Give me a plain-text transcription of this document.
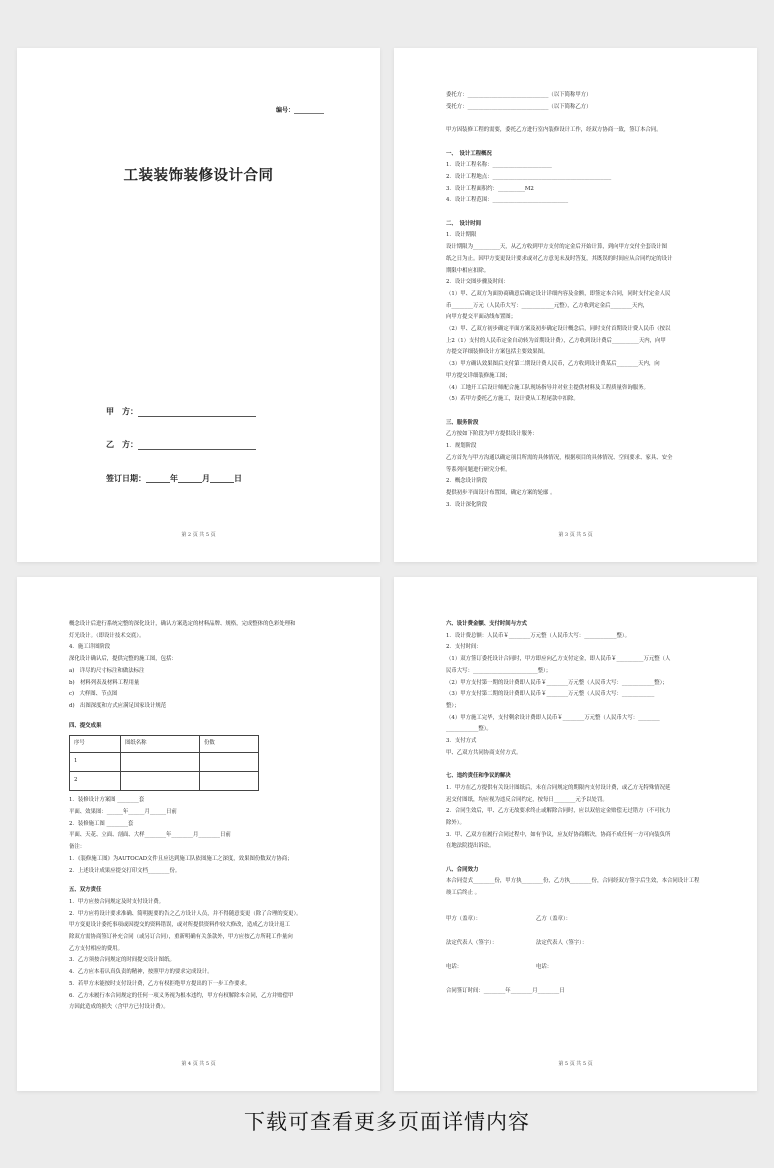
编号：__________
工装装饰装修设计合同
甲　方：
乙　方：
签订日期：______年______月______日
第 2 页 共 5 页
委托方：______________________________（以下简称甲方）
受托方：______________________________（以下简称乙方）

甲方因装修工程的需要，委托乙方进行室内装修设计工作，经双方协商一致，签订本合同。

一、　设计工程概况
1．设计工程名称：______________________
2．设计工程地点：____________________________________________
3．设计工程面积约：__________M2
4．设计工程范围：____________________________

二、　设计时间
1．设计期限
设计期限为__________天，从乙方收到甲方支付的定金后开始计算，到向甲方交付全套设计图
纸之日为止。因甲方变更设计要求或对乙方意见未及时答复，其既误的时间应从合同约定的设计
期限中相应扣除。
2．设计交图步骤及时间：
（1）甲、乙双方为面协商确意后确定设计详细内容及金额，即签定本合同，同时支付定金人民
币________万元（人民币大写：____________元整），乙方收到定金后________天内，
向甲方提交平面动线布置图；
（2）甲、乙双方初步确定平面方案及初步确定设计概念后，同时支付首期设计费人民币（按以
上2（1）支付的人民币定金自动转为首期设计费），乙方收到设计费后__________天内，向甲
方提交详细装修设计方案包括主要效果图。
（3）甲方确认效果图后支付第二期设计费人民币，乙方收到设计费某后________天内，向
甲方提交详细装修施工图；
（4）工地开工后设计师配合施工队现场指导并对业主提供材料及工程质量咨询服务。
（5）若甲方委托乙方施工，设计费从工程尾款中扣除。

三、服务阶段
乙方按如下阶段为甲方提供设计服务：
1．规划阶段
乙方首先与甲方沟通以确定项目所需的具体情况，根据项目的具体情况、空间要求、家具、安全
等系列问题进行研究分析。
2．概念设计阶段
提供初步平面设计布置图，确定方案的轮廓 。
3．设计深化阶段
第 3 页 共 5 页
概念设计后进行系统完整的深化设计，确认方案选定的材料品牌、规格，完成整体的色彩处理和
灯光设计。（即设计技术交底）。
4．施工详图阶段
深化设计确认后，提供完整的施工图，包括：
a)　详尽的尺寸标注和做法标注
b)　材料列表及材料工程用量
c)　大样图、节点图
d)　出图深度和方式应满足国家设计规范
四、提交成果
序号	图纸名称	份数
1		
2		
1．装修设计方案图 ________套
平面、效果图：______年______月______日前
2．装修施工图 ________套
平面、天花、立面、剖面、大样________年________月________日前
备注：
1．《装修施工图》为AUTOCAD文件且应达到施工队依图施工之深度，效果图份数双方协商；
2．上述设计成果应提交打印文档________份。
五、双方责任
1．甲方应按合同规定及时支付设计费。
2．甲方应将设计要求准确、简明扼要的告之乙方设计人员，并不得随意变更（除了合理的变更）。
甲方变更设计委托事项或因提交的资料错误，或对所提供资料作较大修改，造成乙方设计返工
除双方需协商签订补充合同（或另订合同），重新明确有关条款外，甲方应按乙方所耗工作量向
乙方支付相应的费用。
3．乙方须按合同规定的时间提交设计图纸。
4．乙方应本着认真负责的精神，按照甲方的要求完成设计。
5．若甲方未能按时支付设计费，乙方有权拒绝甲方提出的下一步工作要求。
6．乙方未履行本合同规定的任何一项义务视为根本违约，甲方有权解除本合同，乙方并赔偿甲
方因此造成的损失（含甲方已付设计费）。
第 4 页 共 5 页
六、设计费金额、支付时间与方式
1．设计费总额：人民币￥________万元整（人民币大写：____________整）。
2．支付时间：
（1）双方签订委托设计合同时，甲方即应向乙方支付定金，即人民币￥__________万元整（人
民币大写：________________________整）；
（2）甲方支付第一期的设计费即人民币￥________万元整（人民币大写：____________整）；
（3）甲方支付第二期的设计费即人民币￥________万元整（人民币大写：____________
整）；
（4）甲方施工完毕，支付剩余设计费即人民币￥________万元整（人民币大写：________
____________整）。
3．支付方式
甲、乙双方共同协商支付方式。

七、违约责任和争议的解决
1．甲方在乙方提供有关设计图纸后，未在合同规定的期限内支付设计费，或乙方无特殊情况延
迟交付图纸，均应视为违反合同约定，按每日________元予以处罚。
2．合同生效后，甲、乙方无故要求终止或解除合同时，应以双倍定金赔偿无过错方（不可抗力
除外）。
3．甲、乙双方在履行合同过程中，如有争议，应友好协商解决，协商不成任何一方可向装负所
在地法院提出诉讼。

八、合同效力
本合同壹式________份，甲方执________份，乙方执________份，合同经双方签字后生效，本合同设计工程
竣工后终止 。
甲方（盖章）：	乙方（盖章）：
法定代表人（签字）：	法定代表人（签字）：
电话：	电话：
合同签订时间：________年________月________日
第 5 页 共 5 页
下载可查看更多页面详情内容
